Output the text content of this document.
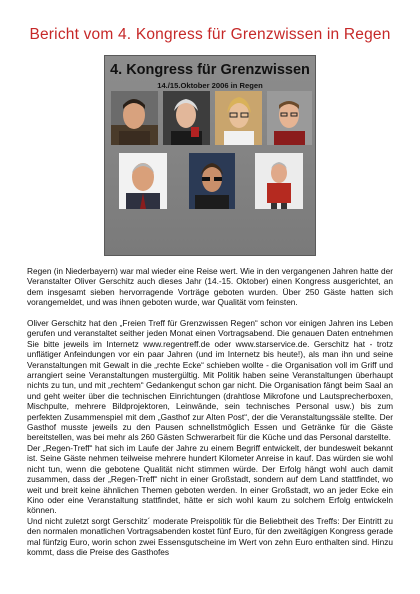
Bericht vom 4. Kongress für Grenzwissen in Regen
4. Kongress für Grenzwissen
14./15.Oktober 2006 in Regen

Regen (in Niederbayern) war mal wieder eine Reise wert. Wie in den vergangenen Jahren hatte der Veranstalter Oliver Gerschitz auch dieses Jahr (14.-15. Oktober) einen Kongress ausgerichtet, an dem insgesamt sieben hervorragende Vorträge geboten wurden. Über 250 Gäste hatten sich vorangemeldet, und was ihnen geboten wurde, war Qualität vom feinsten.

Oliver Gerschitz hat den „Freien Treff für Grenzwissen Regen“ schon vor einigen Jahren ins Leben gerufen und veranstaltet seither jeden Monat einen Vortragsabend. Die genauen Daten entnehmen Sie bitte jeweils im Internetz www.regentreff.de oder www.starservice.de. Gerschitz hat - trotz unflätiger Anfeindungen vor ein paar Jahren (und im Internetz bis heute!), als man ihn und seine Veranstaltungen mit Gewalt in die „rechte Ecke“ schieben wollte - die Organisation voll im Griff und arrangiert seine Veranstaltungen mustergültig. Mit Politik haben seine Veranstaltungen überhaupt nichts zu tun, und mit „rechtem“ Gedankengut schon gar nicht. Die Organisation fängt beim Saal an und geht weiter über die technischen Einrichtungen (drahtlose Mikrofone und Lautsprecherboxen, Mischpulte, mehrere Bildprojektoren, Leinwände, sein technisches Personal usw.) bis zum perfekten Zusammenspiel mit dem „Gasthof zur Alten Post“, der die Veranstaltungssäle stellte. Der Gasthof musste jeweils zu den Pausen schnellstmöglich Essen und Getränke für die Gäste bereitstellen, was bei mehr als 260 Gästen Schwerarbeit für die Küche und das Personal darstellte.

Der „Regen-Treff“ hat sich im Laufe der Jahre zu einem Begriff entwickelt, der bundesweit bekannt ist. Seine Gäste nehmen teilweise mehrere hundert Kilometer Anreise in kauf. Das würden sie wohl nicht tun, wenn die gebotene Qualität nicht stimmen würde. Der Erfolg hängt wohl auch damit zusammen, dass der „Regen-Treff“ nicht in einer Großstadt, sondern auf dem Land stattfindet, wo weit und breit keine ähnlichen Themen geboten werden. In einer Großstadt, wo an jeder Ecke ein Kino oder eine Veranstaltung stattfindet, hätte er sich wohl kaum zu solchem Erfolg entwickeln können.

Und nicht zuletzt sorgt Gerschitz´ moderate Preispolitik für die Beliebtheit des Treffs: Der Eintritt zu den normalen monatlichen Vortragsabenden kostet fünf Euro, für den zweitägigen Kongress gerade mal fünfzig Euro, worin schon zwei Essensgutscheine im Wert von zehn Euro enthalten sind. Hinzu kommt, dass die Preise des Gasthofes
